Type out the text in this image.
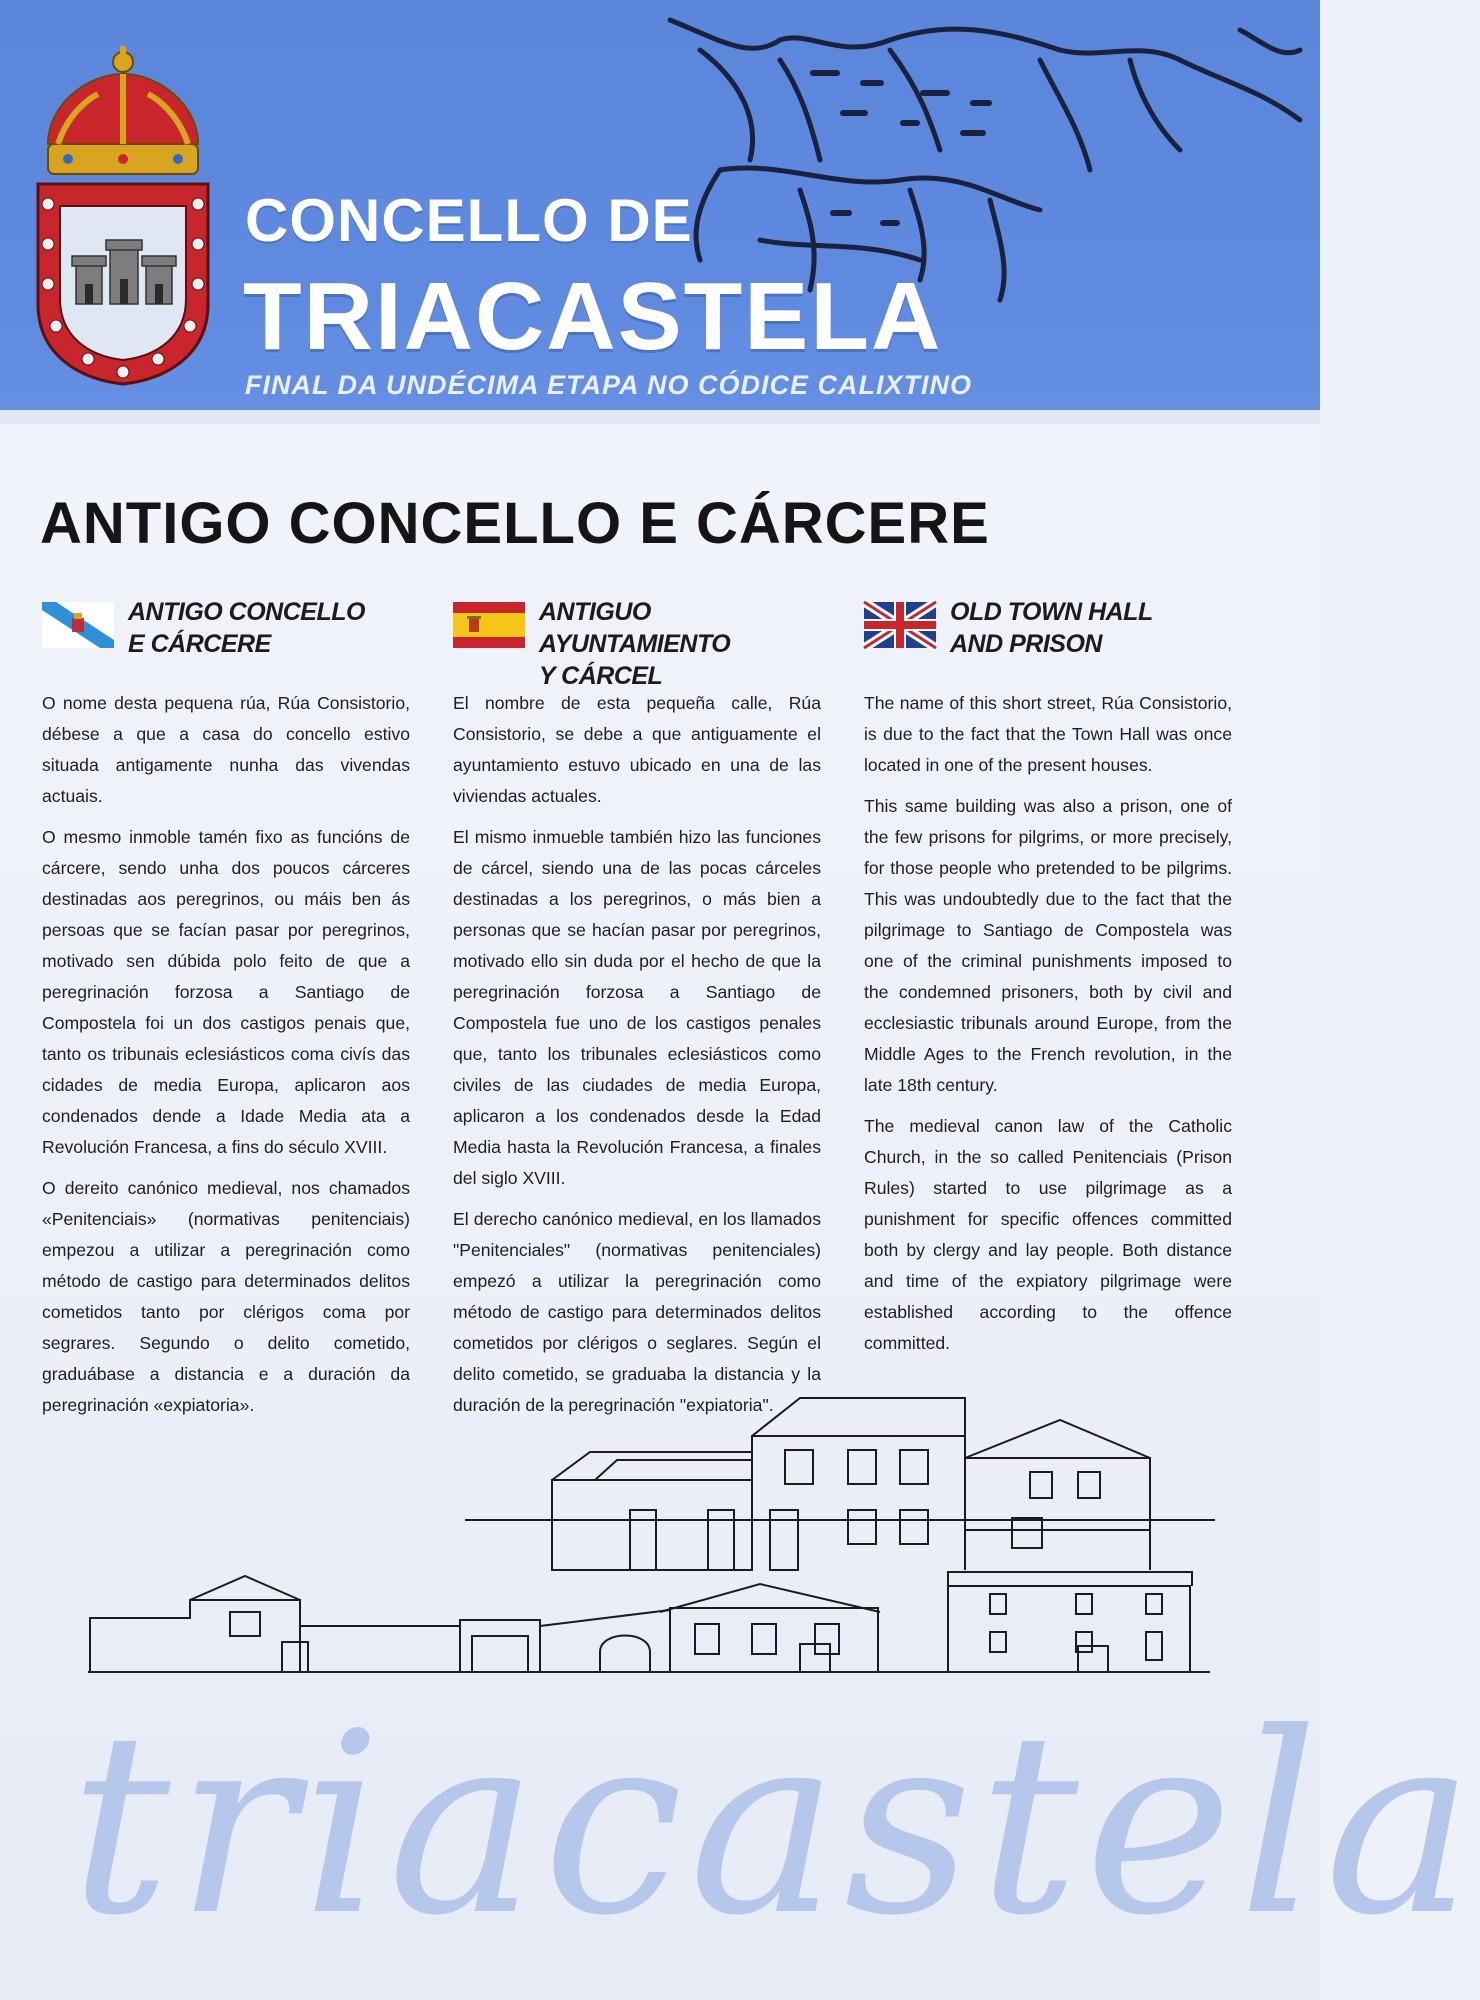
CONCELLO DE
TRIACASTELA
FINAL DA UNDÉCIMA ETAPA NO CÓDICE CALIXTINO
ANTIGO CONCELLO E CÁRCERE
ANTIGO CONCELLO
E CÁRCERE

O nome desta pequena rúa, Rúa Consistorio, débese a que a casa do concello estivo situada antigamente nunha das vivendas actuais.

O mesmo inmoble tamén fixo as funcións de cárcere, sendo unha dos poucos cárceres destinadas aos peregrinos, ou máis ben ás persoas que se facían pasar por peregrinos, motivado sen dúbida polo feito de que a peregrinación forzosa a Santiago de Compostela foi un dos castigos penais que, tanto os tribunais eclesiásticos coma civís das cidades de media Europa, aplicaron aos condenados dende a Idade Media ata a Revolución Francesa, a fins do século XVIII.

O dereito canónico medieval, nos chamados «Penitenciais» (normativas penitenciais) empezou a utilizar a peregrinación como método de castigo para determinados delitos cometidos tanto por clérigos coma por segrares. Segundo o delito cometido, graduábase a distancia e a duración da peregrinación «expiatoria».

ANTIGUO AYUNTAMIENTO
Y CÁRCEL

El nombre de esta pequeña calle, Rúa Consistorio, se debe a que antiguamente el ayuntamiento estuvo ubicado en una de las viviendas actuales.

El mismo inmueble también hizo las funciones de cárcel, siendo una de las pocas cárceles destinadas a los peregrinos, o más bien a personas que se hacían pasar por peregrinos, motivado ello sin duda por el hecho de que la peregrinación forzosa a Santiago de Compostela fue uno de los castigos penales que, tanto los tribunales eclesiásticos como civiles de las ciudades de media Europa, aplicaron a los condenados desde la Edad Media hasta la Revolución Francesa, a finales del siglo XVIII.

El derecho canónico medieval, en los llamados "Penitenciales" (normativas penitenciales) empezó a utilizar la peregrinación como método de castigo para determinados delitos cometidos por clérigos o seglares. Según el delito cometido, se graduaba la distancia y la duración de la peregrinación "expiatoria".

OLD TOWN HALL
AND PRISON

The name of this short street, Rúa Consistorio, is due to the fact that the Town Hall was once located in one of the present houses.

This same building was also a prison, one of the few prisons for pilgrims, or more precisely, for those people who pretended to be pilgrims. This was undoubtedly due to the fact that the pilgrimage to Santiago de Compostela was one of the criminal punishments imposed to the condemned prisoners, both by civil and ecclesiastic tribunals around Europe, from the Middle Ages to the French revolution, in the late 18th century.

The medieval canon law of the Catholic Church, in the so called Penitenciais (Prison Rules) started to use pilgrimage as a punishment for specific offences committed both by clergy and lay people. Both distance and time of the expiatory pilgrimage were established according to the offence committed.

triacastela
